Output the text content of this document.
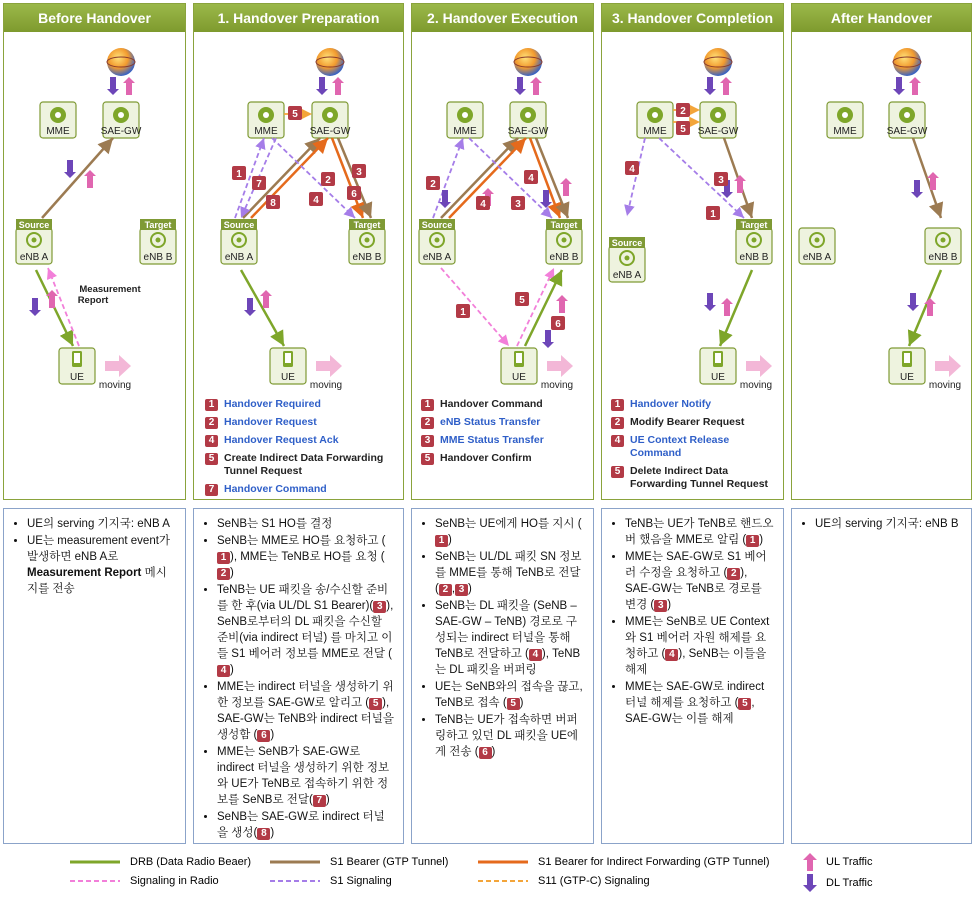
Before Handover	1. Handover Preparation	2. Handover Execution	3. Handover Completion	After Handover
MME	SAE-GW
eNB A	eNB B
Source	Target
UE
moving
MME	SAE-GW
eNB A	eNB B
Source	Target
UE
moving
MME	SAE-GW
eNB A	eNB B
Source	Target
UE
moving
MME	SAE-GW
eNB B
Target
UE
moving
MME	SAE-GW
eNB A	eNB B
UE
moving
Measurement
Report
5
1
7
8
2
3
6
4
2
4
4
3
1
5
6
eNB A
Source
2
5
4
3
1
1 Handover Required
2 Handover Request
4 Handover Request Ack
5 Create Indirect Data Forwarding Tunnel Request
7 Handover Command
1 Handover Command
2 eNB Status Transfer
3 MME Status Transfer
5 Handover Confirm
1 Handover Notify
2 Modify Bearer Request
4 UE Context Release Command
5 Delete Indirect Data Forwarding Tunnel Request
• UE의 serving 기지국: eNB A
• UE는 measurement event가 발생하면 eNB A로 Measurement Report 메시지를 전송
• SeNB는 S1 HO를 결정
• SeNB는 MME로 HO를 요청하고 (1 ), MME는 TeNB로 HO를 요청 (2 )
• TeNB는 UE 패킷을 송/수신할 준비를 한 후(via UL/DL S1 Bearer)( 3 ), SeNB로부터의 DL 패킷을 수신할 준비(via indirect 터널) 를 마치고 이들 S1 베어러 정보를 MME로 전달 (4 )
• MME는 indirect 터널을 생성하기 위한 정보를 SAE-GW로 알리고 ( 5 ), SAE-GW는 TeNB와 indirect 터널을 생성함 ( 6 )
• MME는 SeNB가 SAE-GW로 indirect 터널을 생성하기 위한 정보와 UE가 TeNB로 접속하기 위한 정보를 SeNB로 전달( 7 )
• SeNB는 SAE-GW로 indirect 터널을 생성( 8 )
• SeNB는 UE에게 HO를 지시 (1 )
• SeNB는 UL/DL 패킷 SN 정보를 MME를 통해 TeNB로 전달 ( 2 , 3 )
• SeNB는 DL 패킷을 (SeNB – SAE-GW – TeNB) 경로로 구성되는 indirect 터널을 통해 TeNB로 전달하고 ( 4 ), TeNB는 DL 패킷을 버퍼링
• UE는 SeNB와의 접속을 끊고, TeNB로 접속 ( 5 )
• TeNB는 UE가 접속하면 버퍼링하고 있던 DL 패킷을 UE에게 전송 ( 6 )
• TeNB는 UE가 TeNB로 핸드오버 했음을 MME로 알림 ( 1 )
• MME는 SAE-GW로 S1 베어러 수정을 요청하고 ( 2 ), SAE-GW는 TeNB로 경로를 변경 ( 3 )
• MME는 SeNB로 UE Context와 S1 베어러 자원 해제를 요청하고 ( 4 ), SeNB는 이들을 해제
• MME는 SAE-GW로 indirect 터널 해제를 요청하고 ( 5 , SAE-GW는 이를 해제
• UE의 serving 기지국: eNB B
DRB (Data Radio Beaer)
Signaling in Radio
S1 Bearer (GTP Tunnel)
S1 Signaling
S1 Bearer for Indirect Forwarding (GTP Tunnel)
S11 (GTP-C) Signaling
UL Traffic
DL Traffic
